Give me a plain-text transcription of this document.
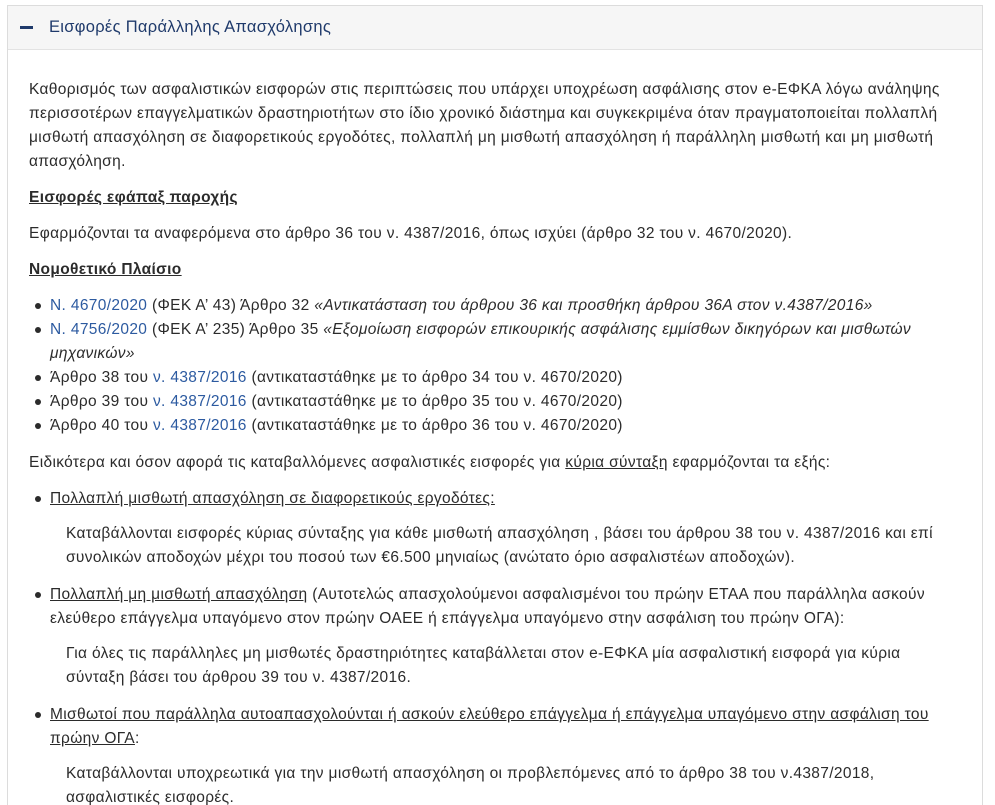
Εισφορές Παράλληλης Απασχόλησης

Καθορισμός των ασφαλιστικών εισφορών στις περιπτώσεις που υπάρχει υποχρέωση ασφάλισης στον e-ΕΦΚΑ λόγω ανάληψης περισσοτέρων επαγγελματικών δραστηριοτήτων στο ίδιο χρονικό διάστημα και συγκεκριμένα όταν πραγματοποιείται πολλαπλή μισθωτή απασχόληση σε διαφορετικούς εργοδότες, πολλαπλή μη μισθωτή απασχόληση ή παράλληλη μισθωτή και μη μισθωτή απασχόληση.

Εισφορές εφάπαξ παροχής

Εφαρμόζονται τα αναφερόμενα στο άρθρο 36 του ν. 4387/2016, όπως ισχύει (άρθρο 32 του ν. 4670/2020).

Νομοθετικό Πλαίσιο

Ν. 4670/2020 (ΦΕΚ Α’ 43) Άρθρο 32 «Αντικατάσταση του άρθρου 36 και προσθήκη άρθρου 36Α στον ν.4387/2016»
Ν. 4756/2020 (ΦΕΚ Α’ 235) Άρθρο 35 «Εξομοίωση εισφορών επικουρικής ασφάλισης εμμίσθων δικηγόρων και μισθωτών μηχανικών»
Άρθρο 38 του ν. 4387/2016 (αντικαταστάθηκε με το άρθρο 34 του ν. 4670/2020)
Άρθρο 39 του ν. 4387/2016 (αντικαταστάθηκε με το άρθρο 35 του ν. 4670/2020)
Άρθρο 40 του ν. 4387/2016 (αντικαταστάθηκε με το άρθρο 36 του ν. 4670/2020)

Ειδικότερα και όσον αφορά τις καταβαλλόμενες ασφαλιστικές εισφορές για κύρια σύνταξη εφαρμόζονται τα εξής:

Πολλαπλή μισθωτή απασχόληση σε διαφορετικούς εργοδότες:

Καταβάλλονται εισφορές κύριας σύνταξης για κάθε μισθωτή απασχόληση , βάσει του άρθρου 38 του ν. 4387/2016 και επί συνολικών αποδοχών μέχρι του ποσού των €6.500 μηνιαίως (ανώτατο όριο ασφαλιστέων αποδοχών).

Πολλαπλή μη μισθωτή απασχόληση (Αυτοτελώς απασχολούμενοι ασφαλισμένοι του πρώην ΕΤΑΑ που παράλληλα ασκούν ελεύθερο επάγγελμα υπαγόμενο στον πρώην ΟΑΕΕ ή επάγγελμα υπαγόμενο στην ασφάλιση του πρώην ΟΓΑ):

Για όλες τις παράλληλες μη μισθωτές δραστηριότητες καταβάλλεται στον e-ΕΦΚΑ μία ασφαλιστική εισφορά για κύρια σύνταξη βάσει του άρθρου 39 του ν. 4387/2016.

Μισθωτοί που παράλληλα αυτοαπασχολούνται ή ασκούν ελεύθερο επάγγελμα ή επάγγελμα υπαγόμενο στην ασφάλιση του πρώην ΟΓΑ:

Καταβάλλονται υποχρεωτικά για την μισθωτή απασχόληση οι προβλεπόμενες από το άρθρο 38 του ν.4387/2018, ασφαλιστικές εισφορές.
